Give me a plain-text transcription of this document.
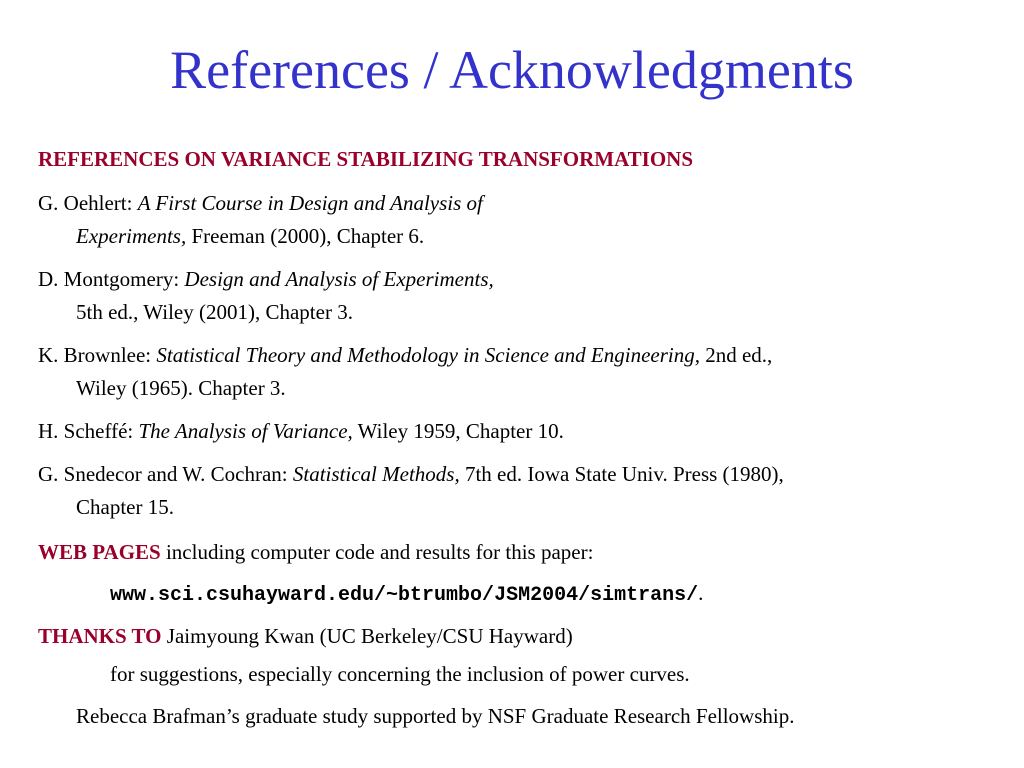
References / Acknowledgments
REFERENCES ON VARIANCE STABILIZING TRANSFORMATIONS
G. Oehlert: A First Course in Design and Analysis of
Experiments, Freeman (2000), Chapter 6.
D. Montgomery: Design and Analysis of Experiments,
5th ed., Wiley (2001), Chapter 3.
K. Brownlee: Statistical Theory and Methodology in Science and Engineering, 2nd ed.,
Wiley (1965). Chapter 3.
H. Scheffé: The Analysis of Variance, Wiley 1959, Chapter 10.
G. Snedecor and W. Cochran: Statistical Methods, 7th ed. Iowa State Univ. Press (1980),
Chapter 15.
WEB PAGES including computer code and results for this paper:
www.sci.csuhayward.edu/~btrumbo/JSM2004/simtrans/.
THANKS TO Jaimyoung Kwan (UC Berkeley/CSU Hayward)
for suggestions, especially concerning the inclusion of power curves.
Rebecca Brafman’s graduate study supported by NSF Graduate Research Fellowship.
